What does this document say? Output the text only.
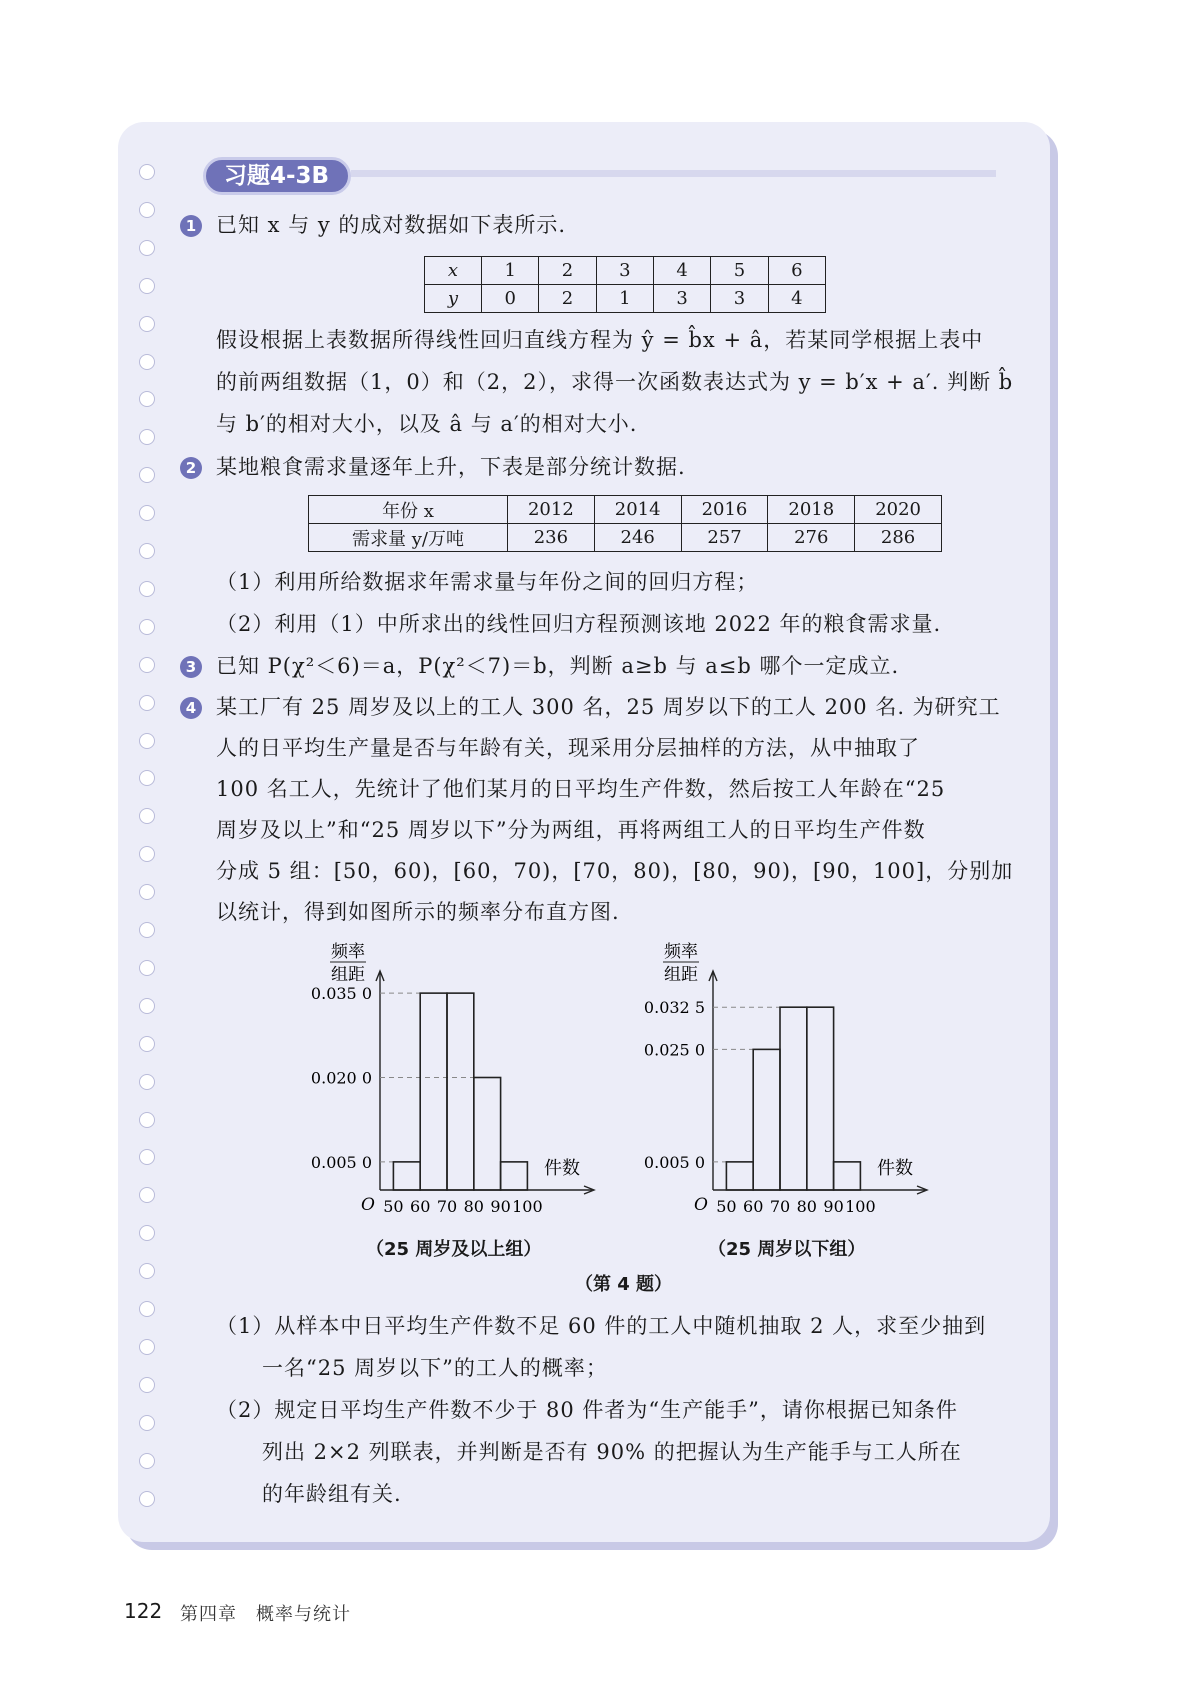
习题4-3B
1 已知 x 与 y 的成对数据如下表所示.
x	1	2	3	4	5	6
y	0	2	1	3	3	4
假设根据上表数据所得线性回归直线方程为 ŷ = b̂x + â，若某同学根据上表中
的前两组数据（1，0）和（2，2），求得一次函数表达式为 y = b′x + a′. 判断 b̂
与 b′的相对大小，以及 â 与 a′的相对大小.
2 某地粮食需求量逐年上升，下表是部分统计数据.
年份 x	2012	2014	2016	2018	2020
需求量 y/万吨	236	246	257	276	286
（1）利用所给数据求年需求量与年份之间的回归方程；
（2）利用（1）中所求出的线性回归方程预测该地 2022 年的粮食需求量.
3 已知 P(χ²＜6)＝a，P(χ²＜7)＝b，判断 a≥b 与 a≤b 哪个一定成立.
4 某工厂有 25 周岁及以上的工人 300 名，25 周岁以下的工人 200 名. 为研究工
人的日平均生产量是否与年龄有关，现采用分层抽样的方法，从中抽取了
100 名工人，先统计了他们某月的日平均生产件数，然后按工人年龄在“25
周岁及以上”和“25 周岁以下”分为两组，再将两组工人的日平均生产件数
分成 5 组：[50，60)，[60，70)，[70，80)，[80，90)，[90，100]，分别加
以统计，得到如图所示的频率分布直方图.
频率
组距
O
件数
0.005 0
0.020 0
0.035 0
50 60 70 80 90 100
频率
组距
O
件数
0.005 0
0.025 0
0.032 5
50 60 70 80 90 100
（25 周岁及以上组）	（25 周岁以下组）
（第 4 题）
（1）从样本中日平均生产件数不足 60 件的工人中随机抽取 2 人，求至少抽到
一名“25 周岁以下”的工人的概率；
（2）规定日平均生产件数不少于 80 件者为“生产能手”，请你根据已知条件
列出 2×2 列联表，并判断是否有 90% 的把握认为生产能手与工人所在
的年龄组有关.
122 第四章　概率与统计
